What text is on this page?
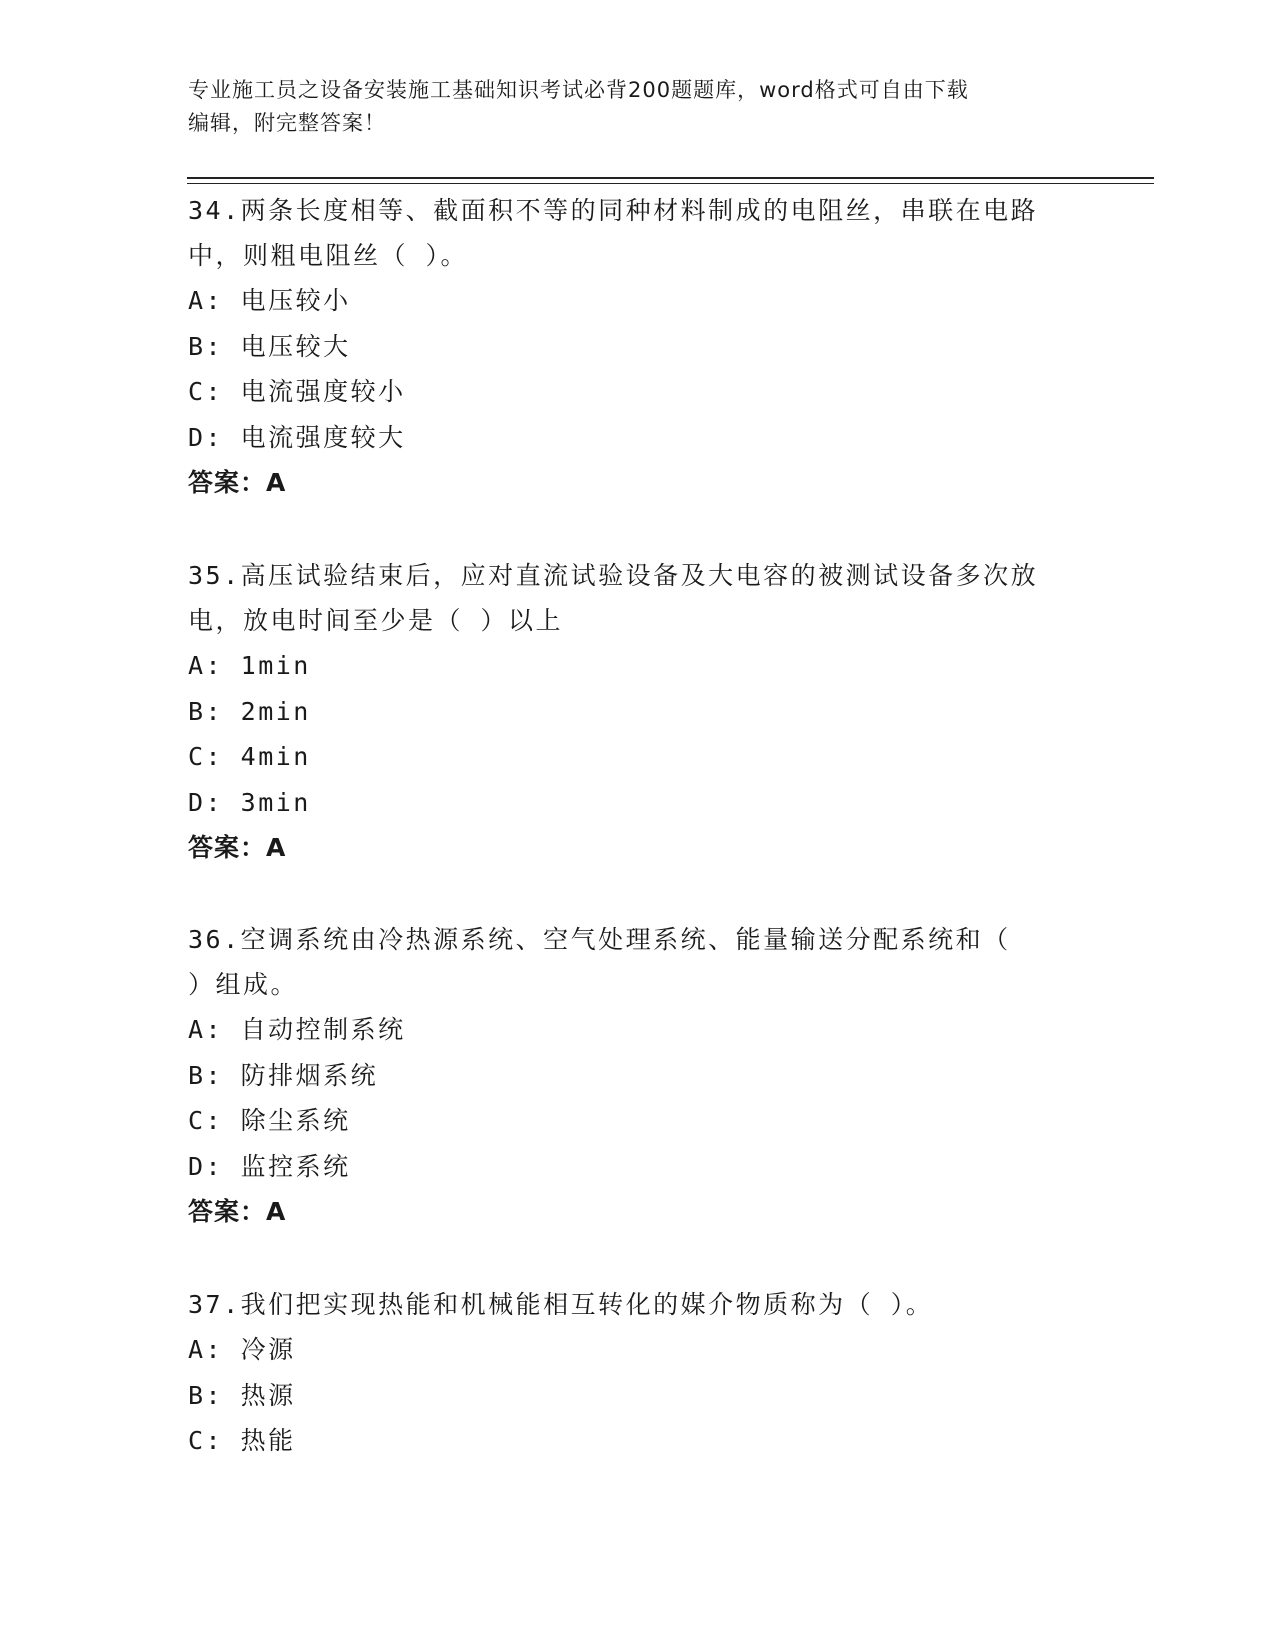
专业施工员之设备安装施工基础知识考试必背200题题库，word格式可自由下载
编辑，附完整答案！

34.两条长度相等、截面积不等的同种材料制成的电阻丝，串联在电路

中，则粗电阻丝（ ）。

A: 电压较小

B: 电压较大

C: 电流强度较小

D: 电流强度较大

答案：A

35.高压试验结束后，应对直流试验设备及大电容的被测试设备多次放

电，放电时间至少是（ ）以上

A: 1min

B: 2min

C: 4min

D: 3min

答案：A

36.空调系统由冷热源系统、空气处理系统、能量输送分配系统和（

）组成。

A: 自动控制系统

B: 防排烟系统

C: 除尘系统

D: 监控系统

答案：A

37.我们把实现热能和机械能相互转化的媒介物质称为（ ）。

A: 冷源

B: 热源

C: 热能
